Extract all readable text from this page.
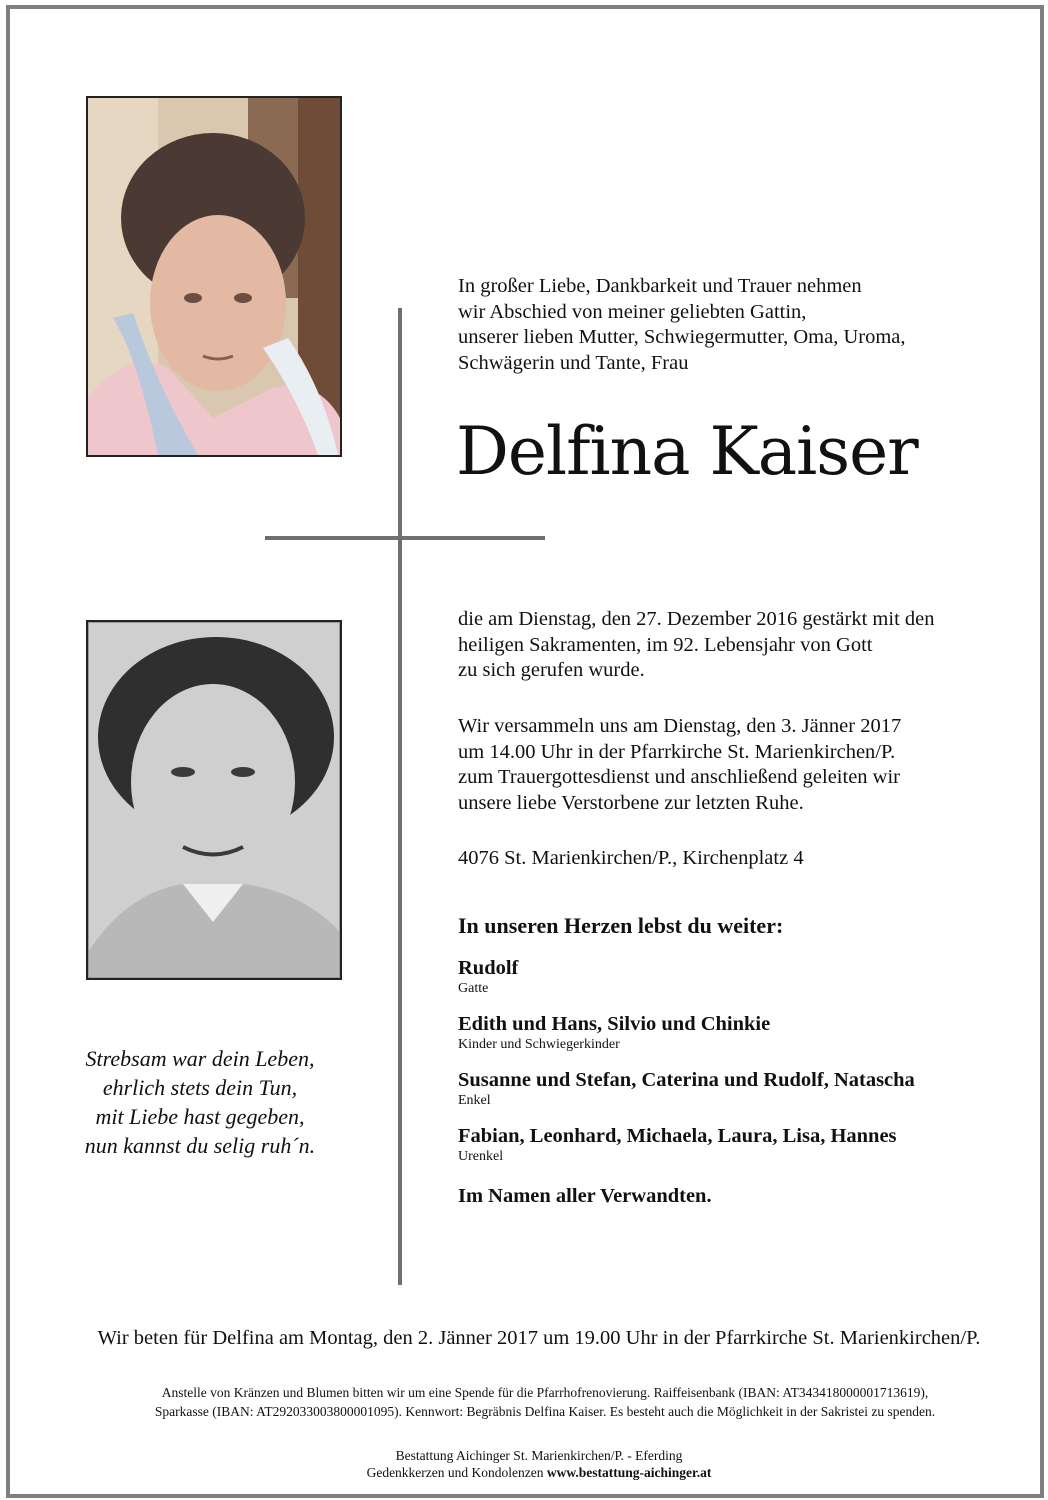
In großer Liebe, Dankbarkeit und Trauer nehmen
wir Abschied von meiner geliebten Gattin,
unserer lieben Mutter, Schwiegermutter, Oma, Uroma,
Schwägerin und Tante, Frau
Delfina Kaiser
die am Dienstag, den 27. Dezember 2016 gestärkt mit den
heiligen Sakramenten, im 92. Lebensjahr von Gott
zu sich gerufen wurde.
Wir versammeln uns am Dienstag, den 3. Jänner 2017
um 14.00 Uhr in der Pfarrkirche St. Marienkirchen/P.
zum Trauergottesdienst und anschließend geleiten wir
unsere liebe Verstorbene zur letzten Ruhe.
4076 St. Marienkirchen/P., Kirchenplatz 4
In unseren Herzen lebst du weiter:
Rudolf
Gatte
Edith und Hans, Silvio und Chinkie
Kinder und Schwiegerkinder
Susanne und Stefan, Caterina und Rudolf, Natascha
Enkel
Fabian, Leonhard, Michaela, Laura, Lisa, Hannes
Urenkel
Im Namen aller Verwandten.
Strebsam war dein Leben,
ehrlich stets dein Tun,
mit Liebe hast gegeben,
nun kannst du selig ruh´n.
Wir beten für Delfina am Montag, den 2. Jänner 2017 um 19.00 Uhr in der Pfarrkirche St. Marienkirchen/P.
Anstelle von Kränzen und Blumen bitten wir um eine Spende für die Pfarrhofrenovierung. Raiffeisenbank (IBAN: AT343418000001713619),
Sparkasse (IBAN: AT292033003800001095). Kennwort: Begräbnis Delfina Kaiser. Es besteht auch die Möglichkeit in der Sakristei zu spenden.
Bestattung Aichinger St. Marienkirchen/P. - Eferding
Gedenkkerzen und Kondolenzen www.bestattung-aichinger.at
